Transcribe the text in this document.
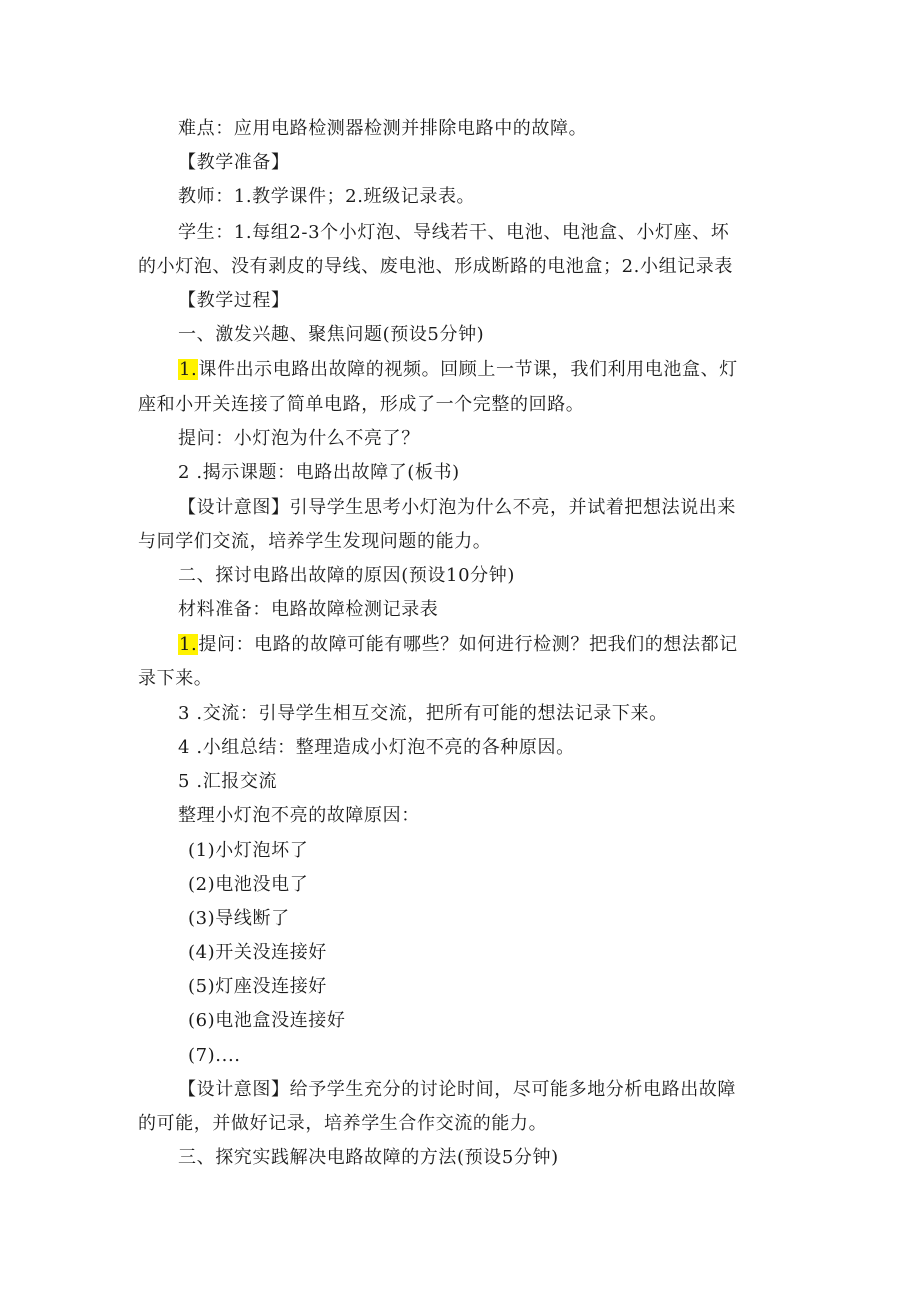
难点：应用电路检测器检测并排除电路中的故障。
【教学准备】
教师：1.教学课件；2.班级记录表。
学生：1.每组2-3个小灯泡、导线若干、电池、电池盒、小灯座、坏
的小灯泡、没有剥皮的导线、废电池、形成断路的电池盒；2.小组记录表
【教学过程】
一、激发兴趣、聚焦问题(预设5分钟)
1.课件出示电路出故障的视频。回顾上一节课，我们利用电池盒、灯
座和小开关连接了简单电路，形成了一个完整的回路。
提问：小灯泡为什么不亮了？
2 .揭示课题：电路出故障了(板书)
【设计意图】引导学生思考小灯泡为什么不亮，并试着把想法说出来
与同学们交流，培养学生发现问题的能力。
二、探讨电路出故障的原因(预设10分钟)
材料准备：电路故障检测记录表
1.提问：电路的故障可能有哪些？如何进行检测？把我们的想法都记
录下来。
3 .交流：引导学生相互交流，把所有可能的想法记录下来。
4 .小组总结：整理造成小灯泡不亮的各种原因。
5 .汇报交流
整理小灯泡不亮的故障原因：
(1)小灯泡坏了
(2)电池没电了
(3)导线断了
(4)开关没连接好
(5)灯座没连接好
(6)电池盒没连接好
(7)....
【设计意图】给予学生充分的讨论时间，尽可能多地分析电路出故障
的可能，并做好记录，培养学生合作交流的能力。
三、探究实践解决电路故障的方法(预设5分钟)
